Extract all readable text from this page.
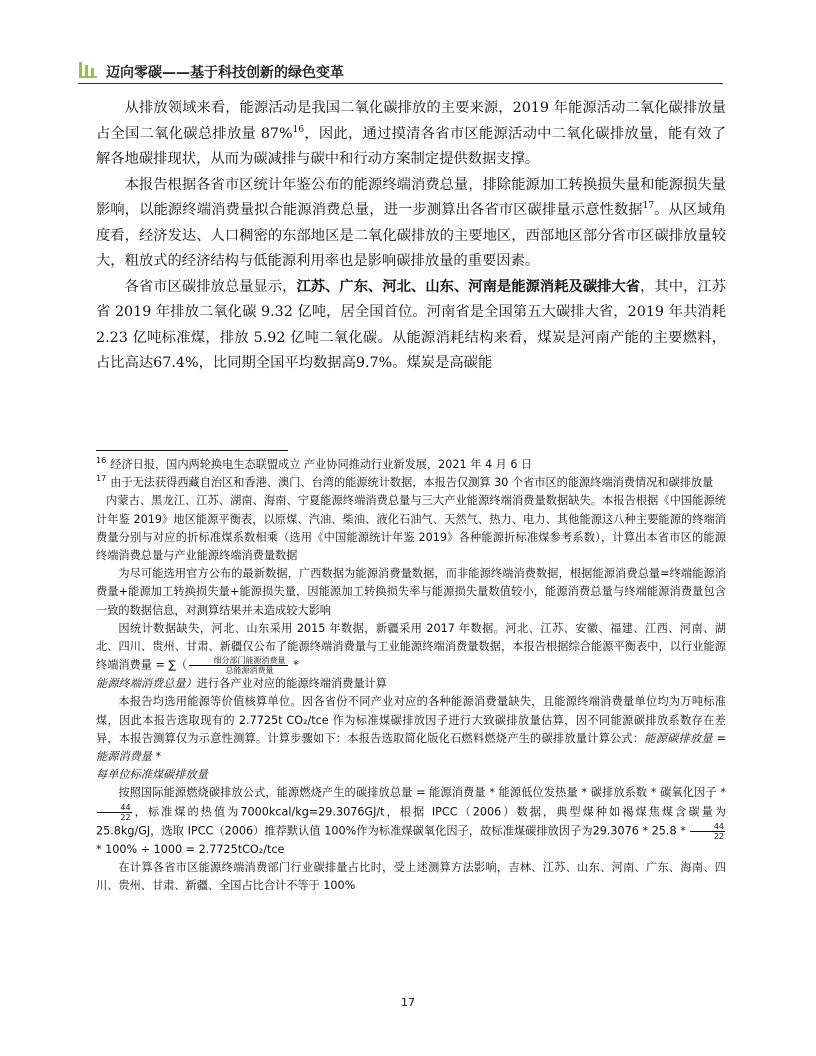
迈向零碳——基于科技创新的绿色变革

从排放领域来看，能源活动是我国二氧化碳排放的主要来源，2019 年能源活动二氧化碳排放量占全国二氧化碳总排放量 87%$^{16}$，因此，通过摸清各省市区能源活动中二氧化碳排放量，能有效了解各地碳排现状，从而为碳减排与碳中和行动方案制定提供数据支撑。

本报告根据各省市区统计年鉴公布的能源终端消费总量，排除能源加工转换损失量和能源损失量影响，以能源终端消费量拟合能源消费总量，进一步测算出各省市区碳排量示意性数据$^{17}$。从区域角度看，经济发达、人口稠密的东部地区是二氧化碳排放的主要地区，西部地区部分省市区碳排放量较大，粗放式的经济结构与低能源利用率也是影响碳排放量的重要因素。

各省市区碳排放总量显示，江苏、广东、河北、山东、河南是能源消耗及碳排大省，其中，江苏省 2019 年排放二氧化碳 9.32 亿吨，居全国首位。河南省是全国第五大碳排大省，2019 年共消耗 2.23 亿吨标准煤，排放 5.92 亿吨二氧化碳。从能源消耗结构来看，煤炭是河南产能的主要燃料，占比高达67.4%，比同期全国平均数据高9.7%。煤炭是高碳能

$^{16}$ 经济日报，国内两轮换电生态联盟成立 产业协同推动行业新发展，2021 年 4 月 6 日

$^{17}$ 由于无法获得西藏自治区和香港、澳门、台湾的能源统计数据，本报告仅测算 30 个省市区的能源终端消费情况和碳排放量

内蒙古、黑龙江、江苏、湖南、海南、宁夏能源终端消费总量与三大产业能源终端消费量数据缺失。本报告根据《中国能源统计年鉴 2019》地区能源平衡表，以原煤、汽油、柴油、液化石油气、天然气、热力、电力、其他能源这八种主要能源的终端消费量分别与对应的折标准煤系数相乘（选用《中国能源统计年鉴 2019》各种能源折标准煤参考系数），计算出本省市区的能源终端消费总量与产业能源终端消费量数据

为尽可能选用官方公布的最新数据，广西数据为能源消费量数据，而非能源终端消费数据，根据能源消费总量=终端能源消费量+能源加工转换损失量+能源损失量，因能源加工转换损失率与能源损失量数值较小，能源消费总量与终端能源消费量包含一致的数据信息，对测算结果并未造成较大影响

因统计数据缺失，河北、山东采用 2015 年数据，新疆采用 2017 年数据。河北、江苏、安徽、福建、江西、河南、湖北、四川、贵州、甘肃、新疆仅公布了能源终端消费量与工业能源终端消费量数据，本报告根据综合能源平衡表中，以行业能源终端消费量 = ∑（	细分部门能源消费量
总能源消费量	*

能源终端消费总量）进行各产业对应的能源终端消费量计算

本报告均选用能源等价值核算单位。因各省份不同产业对应的各种能源消费量缺失，且能源终端消费量单位均为万吨标准煤，因此本报告选取现有的 2.7725t CO₂/tce 作为标准煤碳排放因子进行大致碳排放量估算，因不同能源碳排放系数存在差异，本报告测算仅为示意性测算。计算步骤如下：本报告选取简化版化石燃料燃烧产生的碳排放量计算公式：能源碳排放量 = 能源消费量 *

每单位标准煤碳排放量

按照国际能源燃烧碳排放公式，能源燃烧产生的碳排放总量 = 能源消费量 * 能源低位发热量 * 碳排放系数 * 碳氧化因子 *
$\frac{44}{22}$ ，标准煤的热值为7000kcal/kg=29.3076GJ/t，根据 IPCC（2006）数据，典型煤种如褐煤焦煤含碳量为 25.8kg/GJ，选取 IPCC（2006）推荐默认值 100%作为标准煤碳氧化因子，故标准煤碳排放因子为$29.3076 * 25.8 * \frac{44}{22}$
* 100% ÷ 1000 = 2.7725tCO₂/tce

在计算各省市区能源终端消费部门行业碳排量占比时，受上述测算方法影响，吉林、江苏、山东、河南、广东、海南、四川、贵州、甘肃、新疆、全国占比合计不等于 100%

17
